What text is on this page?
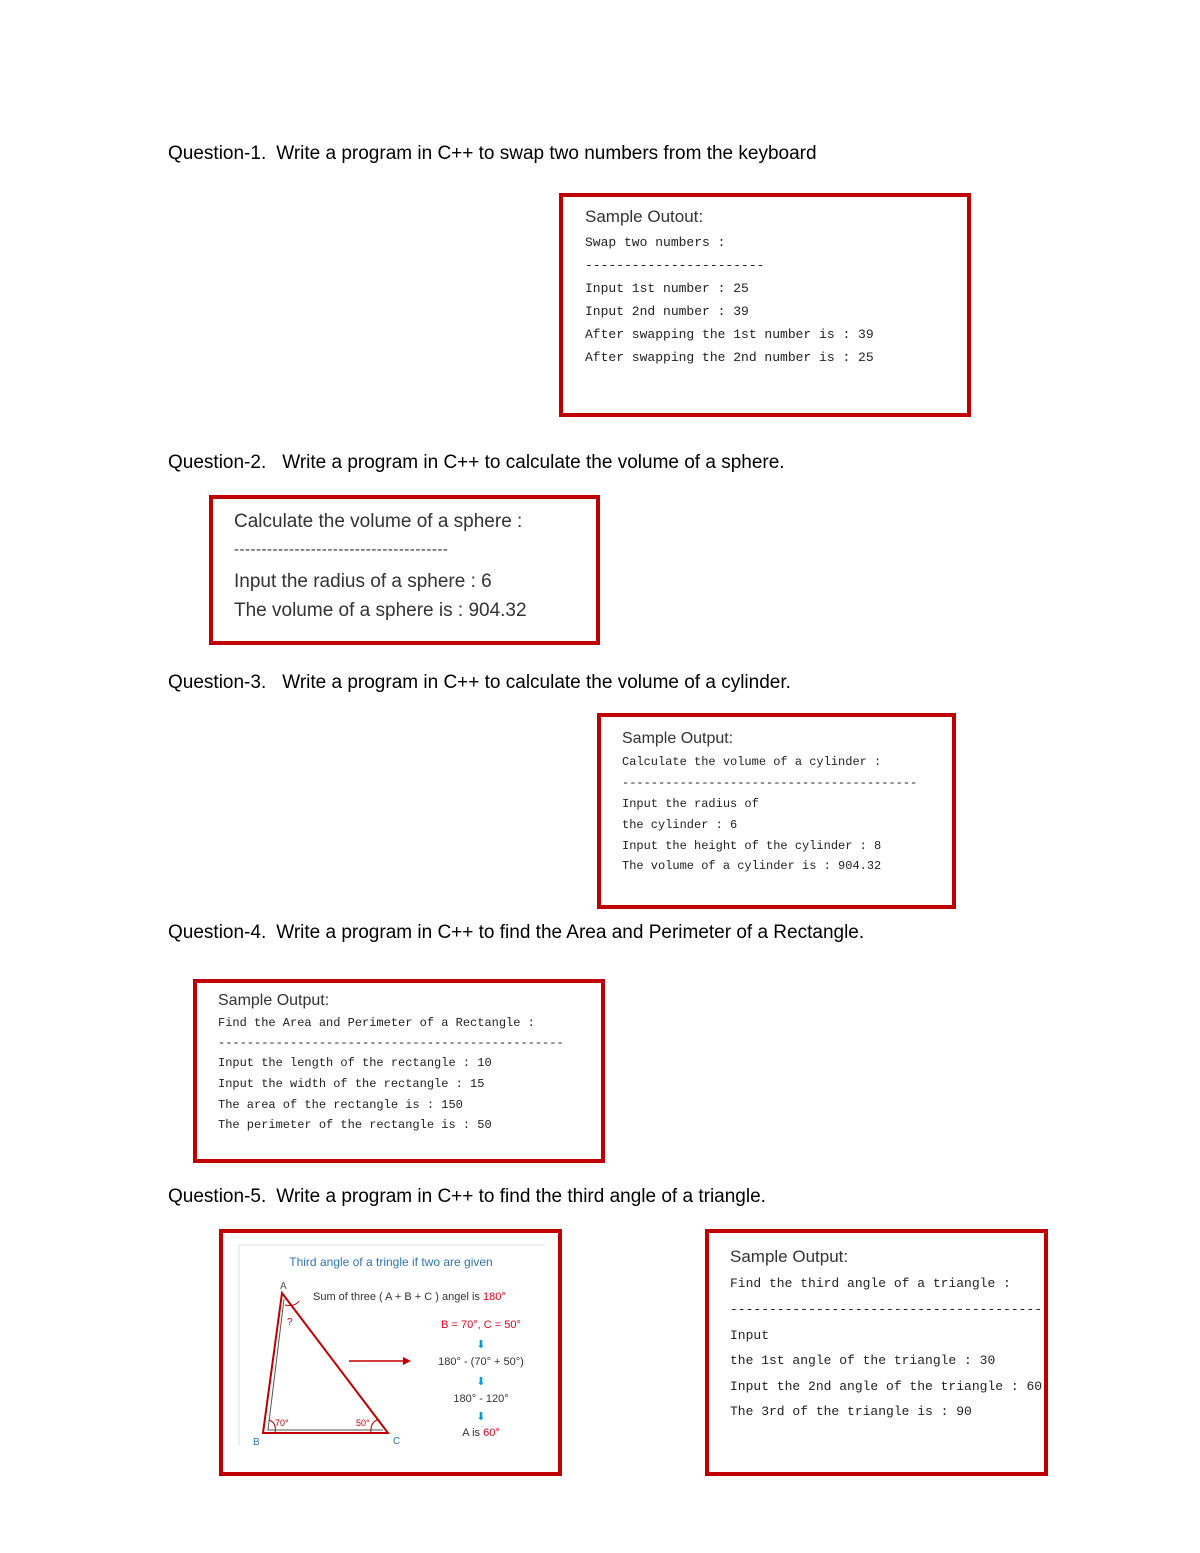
Question-1. Write a program in C++ to swap two numbers from the keyboard
Question-2. Write a program in C++ to calculate the volume of a sphere.
Question-3. Write a program in C++ to calculate the volume of a cylinder.
Question-4. Write a program in C++ to find the Area and Perimeter of a Rectangle.
Question-5. Write a program in C++ to find the third angle of a triangle.
Sample Outout:
Swap two numbers :
-----------------------
Input 1st number : 25
Input 2nd number : 39
After swapping the 1st number is : 39
After swapping the 2nd number is : 25
Calculate the volume of a sphere :
---------------------------------------
Input the radius of a sphere : 6
The volume of a sphere is : 904.32
Sample Output:
Calculate the volume of a cylinder :
-----------------------------------------
Input the radius of
the cylinder : 6
Input the height of the cylinder : 8
The volume of a cylinder is : 904.32
Sample Output:
Find the Area and Perimeter of a Rectangle :
------------------------------------------------
Input the length of the rectangle : 10
Input the width of the rectangle : 15
The area of the rectangle is : 150
The perimeter of the rectangle is : 50
Third angle of a tringle if two are given
A
B	C
?
70°	50°
Sum of three ( A + B + C ) angel is 180°
B = 70°, C = 50°
⬇
180° - (70° + 50°)
⬇
180° - 120°
⬇
A is 60°
Sample Output:
Find the third angle of a triangle :
----------------------------------------
Input
the 1st angle of the triangle : 30
Input the 2nd angle of the triangle : 60
The 3rd of the triangle is : 90
